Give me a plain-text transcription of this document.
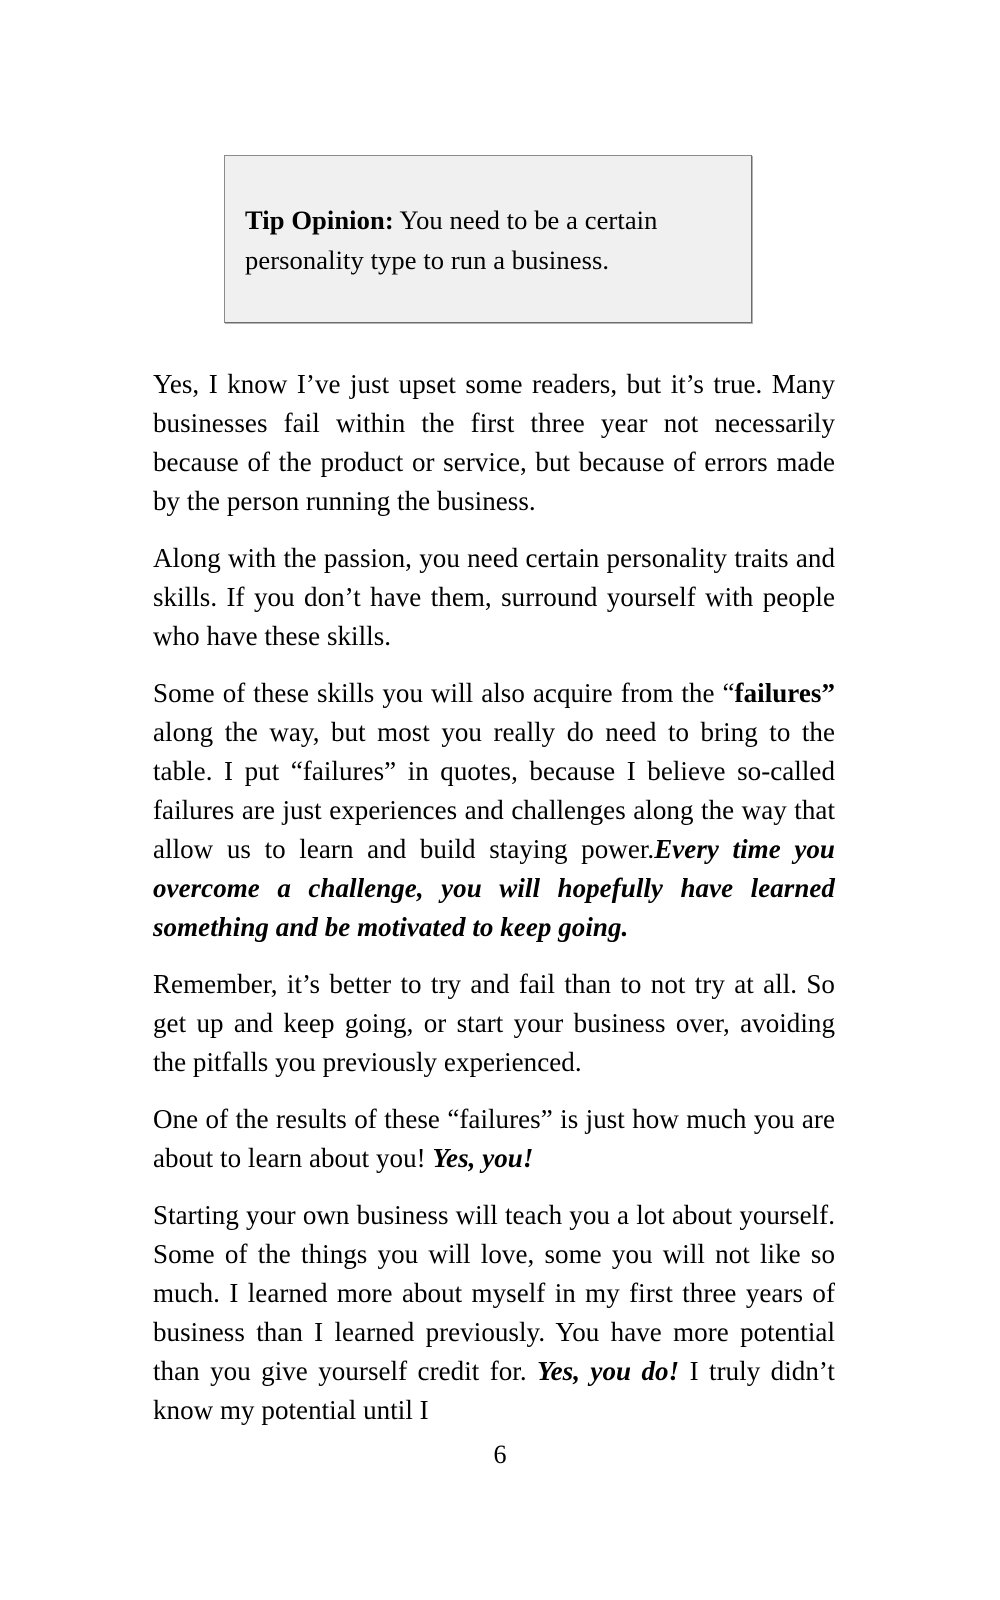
Tip Opinion: You need to be a certain personality type to run a business.

Yes, I know I’ve just upset some readers, but it’s true. Many businesses fail within the first three year not necessarily because of the product or service, but because of errors made by the person running the business.

Along with the passion, you need certain personality traits and skills. If you don’t have them, surround yourself with people who have these skills.

Some of these skills you will also acquire from the “failures” along the way, but most you really do need to bring to the table. I put “failures” in quotes, because I believe so-called failures are just experiences and challenges along the way that allow us to learn and build staying power.Every time you overcome a challenge, you will hopefully have learned something and be motivated to keep going.

Remember, it’s better to try and fail than to not try at all. So get up and keep going, or start your business over, avoiding the pitfalls you previously experienced.

One of the results of these “failures” is just how much you are about to learn about you! Yes, you!

Starting your own business will teach you a lot about yourself. Some of the things you will love, some you will not like so much. I learned more about myself in my first three years of business than I learned previously. You have more potential than you give yourself credit for. Yes, you do! I truly didn’t know my potential until I

6
